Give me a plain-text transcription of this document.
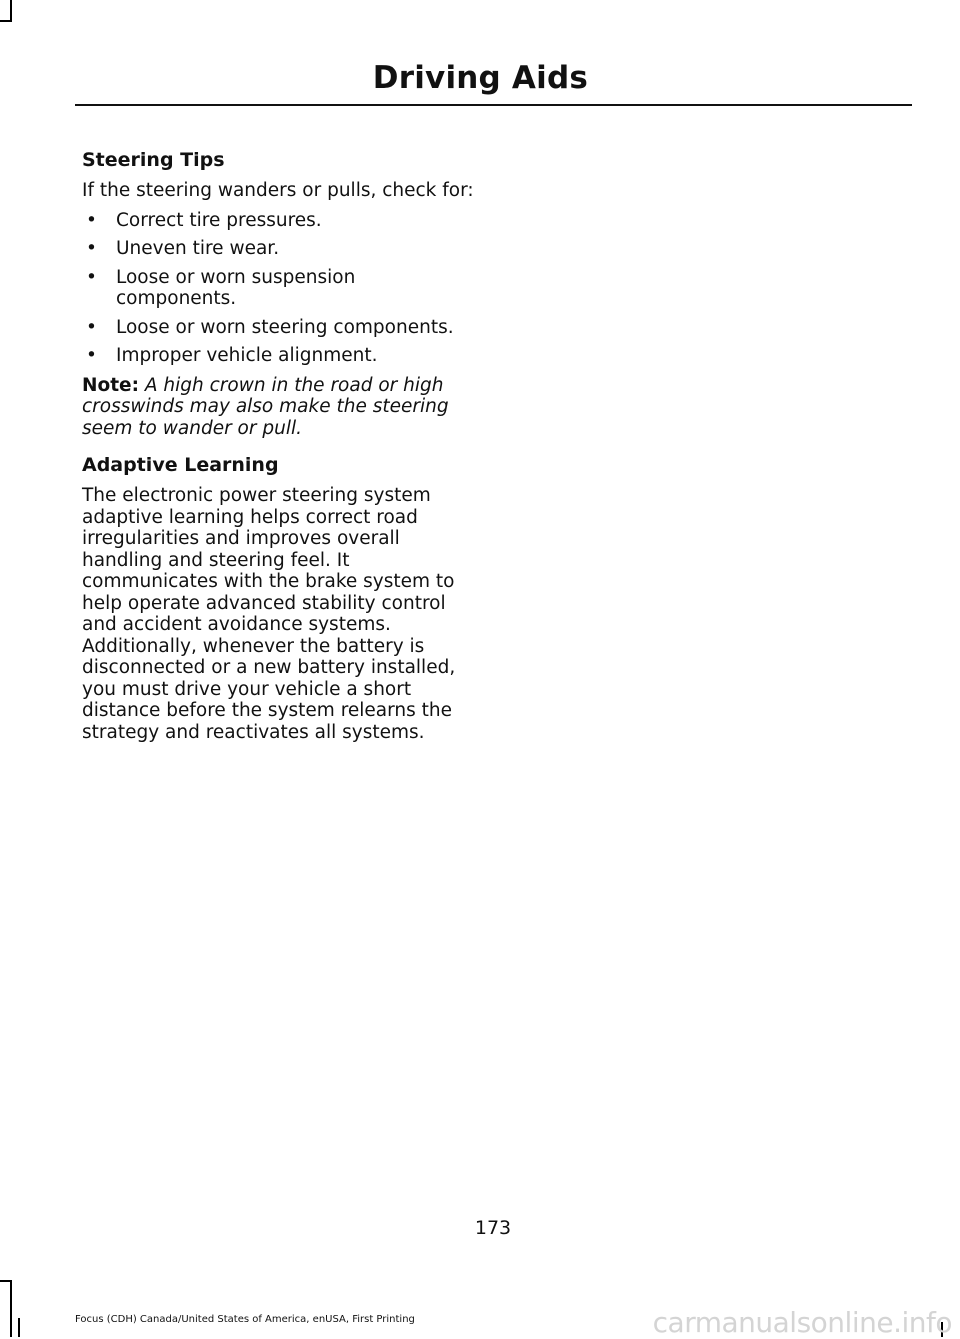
Driving Aids
Steering Tips

If the steering wanders or pulls, check for:

• Correct tire pressures.
• Uneven tire wear.
• Loose or worn suspension components.
• Loose or worn steering components.
• Improper vehicle alignment.

Note: A high crown in the road or high crosswinds may also make the steering seem to wander or pull.

Adaptive Learning

The electronic power steering system adaptive learning helps correct road irregularities and improves overall handling and steering feel. It communicates with the brake system to help operate advanced stability control and accident avoidance systems. Additionally, whenever the battery is disconnected or a new battery installed, you must drive your vehicle a short distance before the system relearns the strategy and reactivates all systems.

173
Focus (CDH) Canada/United States of America, enUSA, First Printing	carmanualsonline.info
